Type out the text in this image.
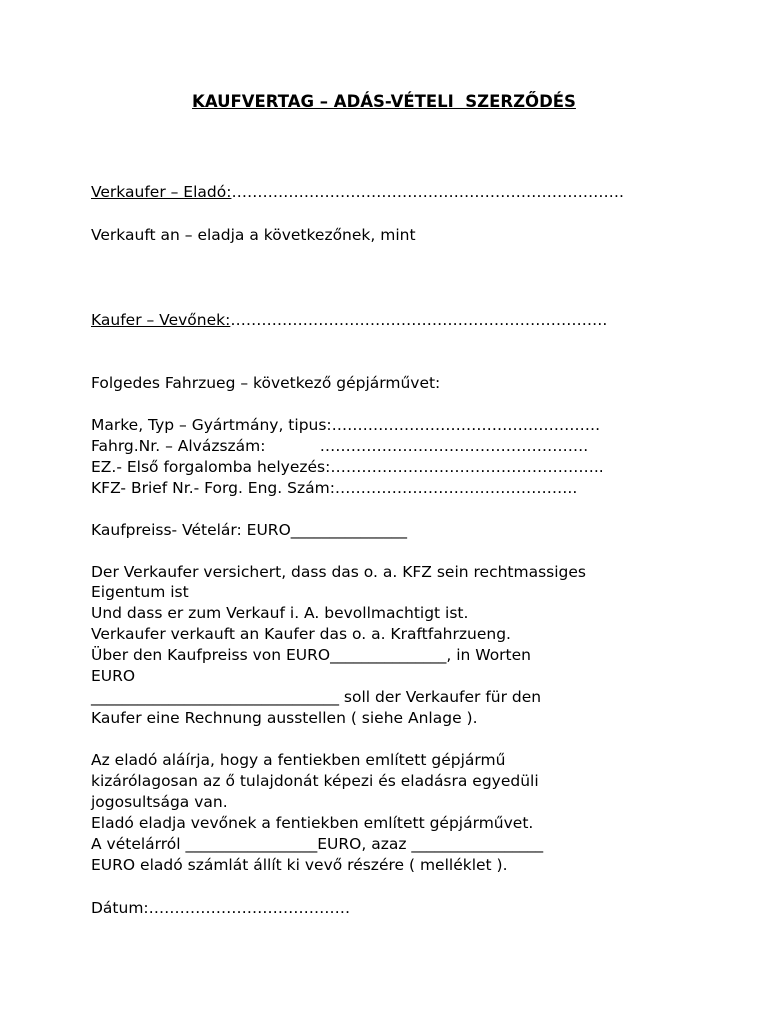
KAUFVERTAG – ADÁS-VÉTELI  SZERZŐDÉS
Verkaufer – Eladó:………………………………………………………………….
Verkauft an – eladja a következőnek, mint
Kaufer – Vevőnek:……………………………………………………………….
Folgedes Fahrzueg – következő gépjárművet:
Marke, Typ – Gyártmány, tipus:…………………………………………….
Fahrg.Nr. – Alvázszám:           …………………………………………….
EZ.- Első forgalomba helyezés:……………………………………………..
KFZ- Brief Nr.- Forg. Eng. Szám:………………………………………..
Kaufpreiss- Vételár: EURO_______________
Der Verkaufer versichert, dass das o. a. KFZ sein rechtmassiges
Eigentum ist
Und dass er zum Verkauf i. A. bevollmachtigt ist.
Verkaufer verkauft an Kaufer das o. a. Kraftfahrzueng.
Über den Kaufpreiss von EURO_______________, in Worten
EURO
________________________________ soll der Verkaufer für den
Kaufer eine Rechnung ausstellen ( siehe Anlage ).
Az eladó aláírja, hogy a fentiekben említett gépjármű
kizárólagosan az ő tulajdonát képezi és eladásra egyedüli
jogosultsága van.
Eladó eladja vevőnek a fentiekben említett gépjárművet.
A vételárról _________________EURO, azaz _________________
EURO eladó számlát állít ki vevő részére ( melléklet ).
Dátum:…………………………………
